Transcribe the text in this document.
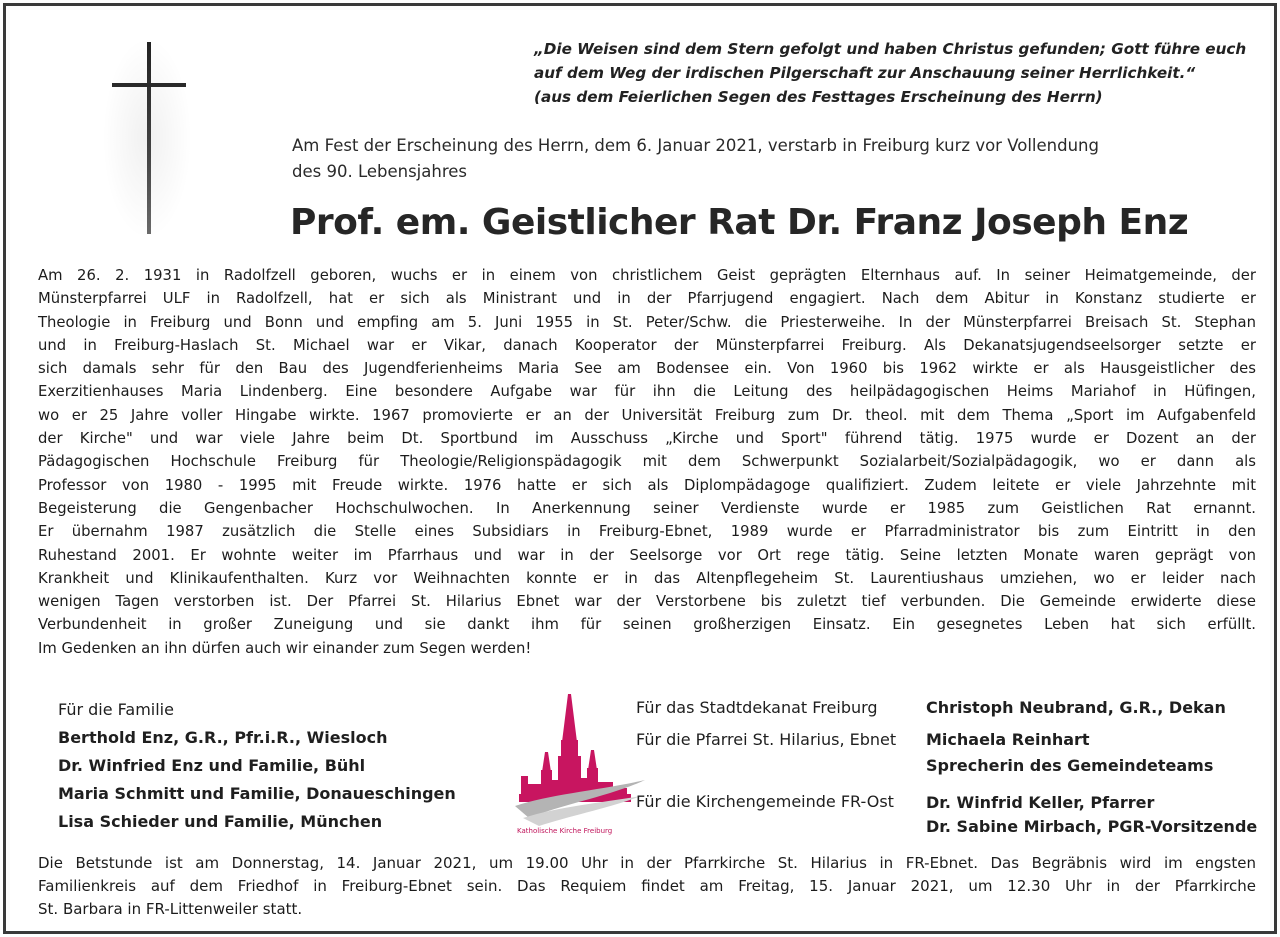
„Die Weisen sind dem Stern gefolgt und haben Christus gefunden; Gott führe euch
auf dem Weg der irdischen Pilgerschaft zur Anschauung seiner Herrlichkeit.“
(aus dem Feierlichen Segen des Festtages Erscheinung des Herrn)
Am Fest der Erscheinung des Herrn, dem 6. Januar 2021, verstarb in Freiburg kurz vor Vollendung
des 90. Lebensjahres
Prof. em. Geistlicher Rat Dr. Franz Joseph Enz
Am 26. 2. 1931 in Radolfzell geboren, wuchs er in einem von christlichem Geist geprägten Elternhaus auf. In seiner Heimatgemeinde, der
Münsterpfarrei ULF in Radolfzell, hat er sich als Ministrant und in der Pfarrjugend engagiert. Nach dem Abitur in Konstanz studierte er
Theologie in Freiburg und Bonn und empfing am 5. Juni 1955 in St. Peter/Schw. die Priesterweihe. In der Münsterpfarrei Breisach St. Stephan
und in Freiburg-Haslach St. Michael war er Vikar, danach Kooperator der Münsterpfarrei Freiburg. Als Dekanatsjugendseelsorger setzte er
sich damals sehr für den Bau des Jugendferienheims Maria See am Bodensee ein. Von 1960 bis 1962 wirkte er als Hausgeistlicher des
Exerzitienhauses Maria Lindenberg. Eine besondere Aufgabe war für ihn die Leitung des heilpädagogischen Heims Mariahof in Hüfingen,
wo er 25 Jahre voller Hingabe wirkte. 1967 promovierte er an der Universität Freiburg zum Dr. theol. mit dem Thema „Sport im Aufgabenfeld
der Kirche" und war viele Jahre beim Dt. Sportbund im Ausschuss „Kirche und Sport" führend tätig. 1975 wurde er Dozent an der
Pädagogischen Hochschule Freiburg für Theologie/Religionspädagogik mit dem Schwerpunkt Sozialarbeit/Sozialpädagogik, wo er dann als
Professor von 1980 - 1995 mit Freude wirkte. 1976 hatte er sich als Diplompädagoge qualifiziert. Zudem leitete er viele Jahrzehnte mit
Begeisterung die Gengenbacher Hochschulwochen. In Anerkennung seiner Verdienste wurde er 1985 zum Geistlichen Rat ernannt.
Er übernahm 1987 zusätzlich die Stelle eines Subsidiars in Freiburg-Ebnet, 1989 wurde er Pfarradministrator bis zum Eintritt in den
Ruhestand 2001. Er wohnte weiter im Pfarrhaus und war in der Seelsorge vor Ort rege tätig. Seine letzten Monate waren geprägt von
Krankheit und Klinikaufenthalten. Kurz vor Weihnachten konnte er in das Altenpflegeheim St. Laurentiushaus umziehen, wo er leider nach
wenigen Tagen verstorben ist. Der Pfarrei St. Hilarius Ebnet war der Verstorbene bis zuletzt tief verbunden. Die Gemeinde erwiderte diese
Verbundenheit in großer Zuneigung und sie dankt ihm für seinen großherzigen Einsatz. Ein gesegnetes Leben hat sich erfüllt.
Im Gedenken an ihn dürfen auch wir einander zum Segen werden!
Für die Familie
Berthold Enz, G.R., Pfr.i.R., Wiesloch
Dr. Winfried Enz und Familie, Bühl
Maria Schmitt und Familie, Donaueschingen
Lisa Schieder und Familie, München	Katholische Kirche Freiburg
Für das Stadtdekanat Freiburg
Für die Pfarrei St. Hilarius, Ebnet
Für die Kirchengemeinde FR-Ost
Christoph Neubrand, G.R., Dekan
Michaela Reinhart
Sprecherin des Gemeindeteams
Dr. Winfrid Keller, Pfarrer
Dr. Sabine Mirbach, PGR-Vorsitzende
Die Betstunde ist am Donnerstag, 14. Januar 2021, um 19.00 Uhr in der Pfarrkirche St. Hilarius in FR-Ebnet. Das Begräbnis wird im engsten
Familienkreis auf dem Friedhof in Freiburg-Ebnet sein. Das Requiem findet am Freitag, 15. Januar 2021, um 12.30 Uhr in der Pfarrkirche
St. Barbara in FR-Littenweiler statt.
